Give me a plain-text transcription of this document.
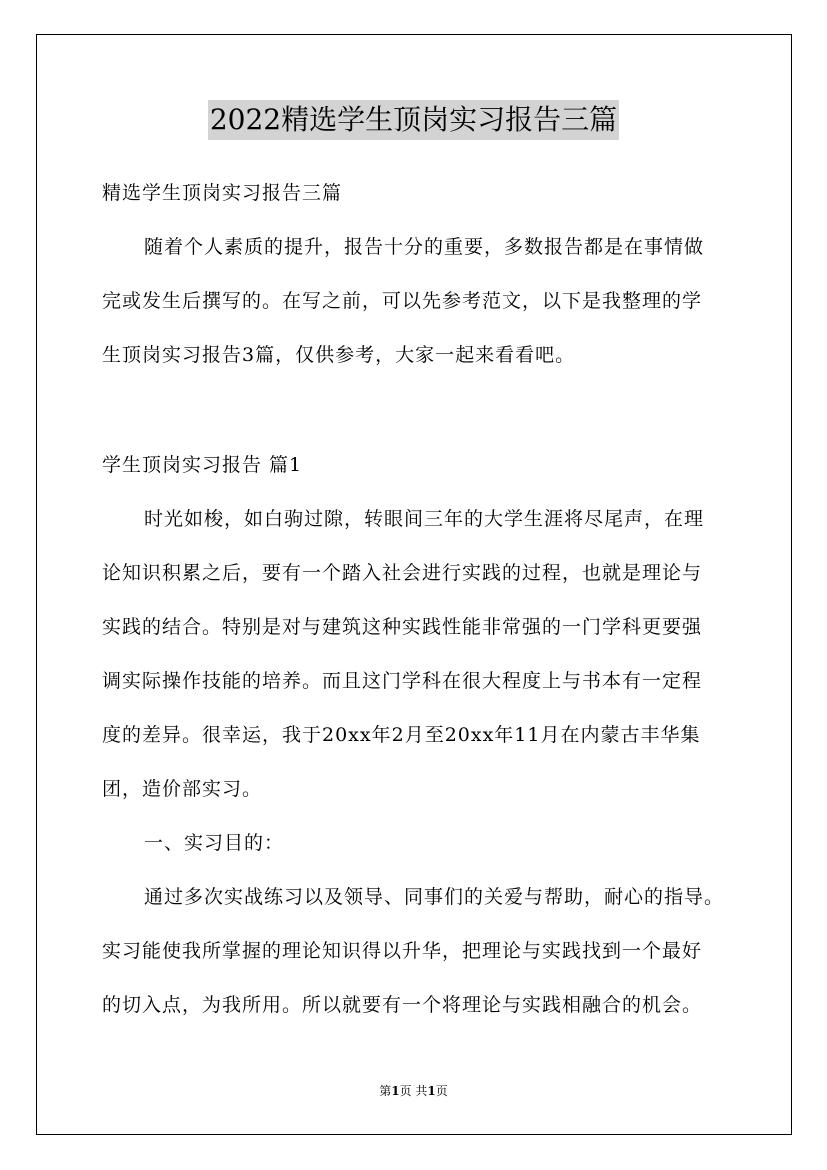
2022精选学生顶岗实习报告三篇
精选学生顶岗实习报告三篇
随着个人素质的提升，报告十分的重要，多数报告都是在事情做
完或发生后撰写的。在写之前，可以先参考范文，以下是我整理的学
生顶岗实习报告3篇，仅供参考，大家一起来看看吧。
学生顶岗实习报告 篇1
时光如梭，如白驹过隙，转眼间三年的大学生涯将尽尾声，在理
论知识积累之后，要有一个踏入社会进行实践的过程，也就是理论与
实践的结合。特别是对与建筑这种实践性能非常强的一门学科更要强
调实际操作技能的培养。而且这门学科在很大程度上与书本有一定程
度的差异。很幸运，我于20xx年2月至20xx年11月在内蒙古丰华集
团，造价部实习。
一、实习目的：
通过多次实战练习以及领导、同事们的关爱与帮助，耐心的指导。
实习能使我所掌握的理论知识得以升华，把理论与实践找到一个最好
的切入点，为我所用。所以就要有一个将理论与实践相融合的机会。
第1页 共1页
